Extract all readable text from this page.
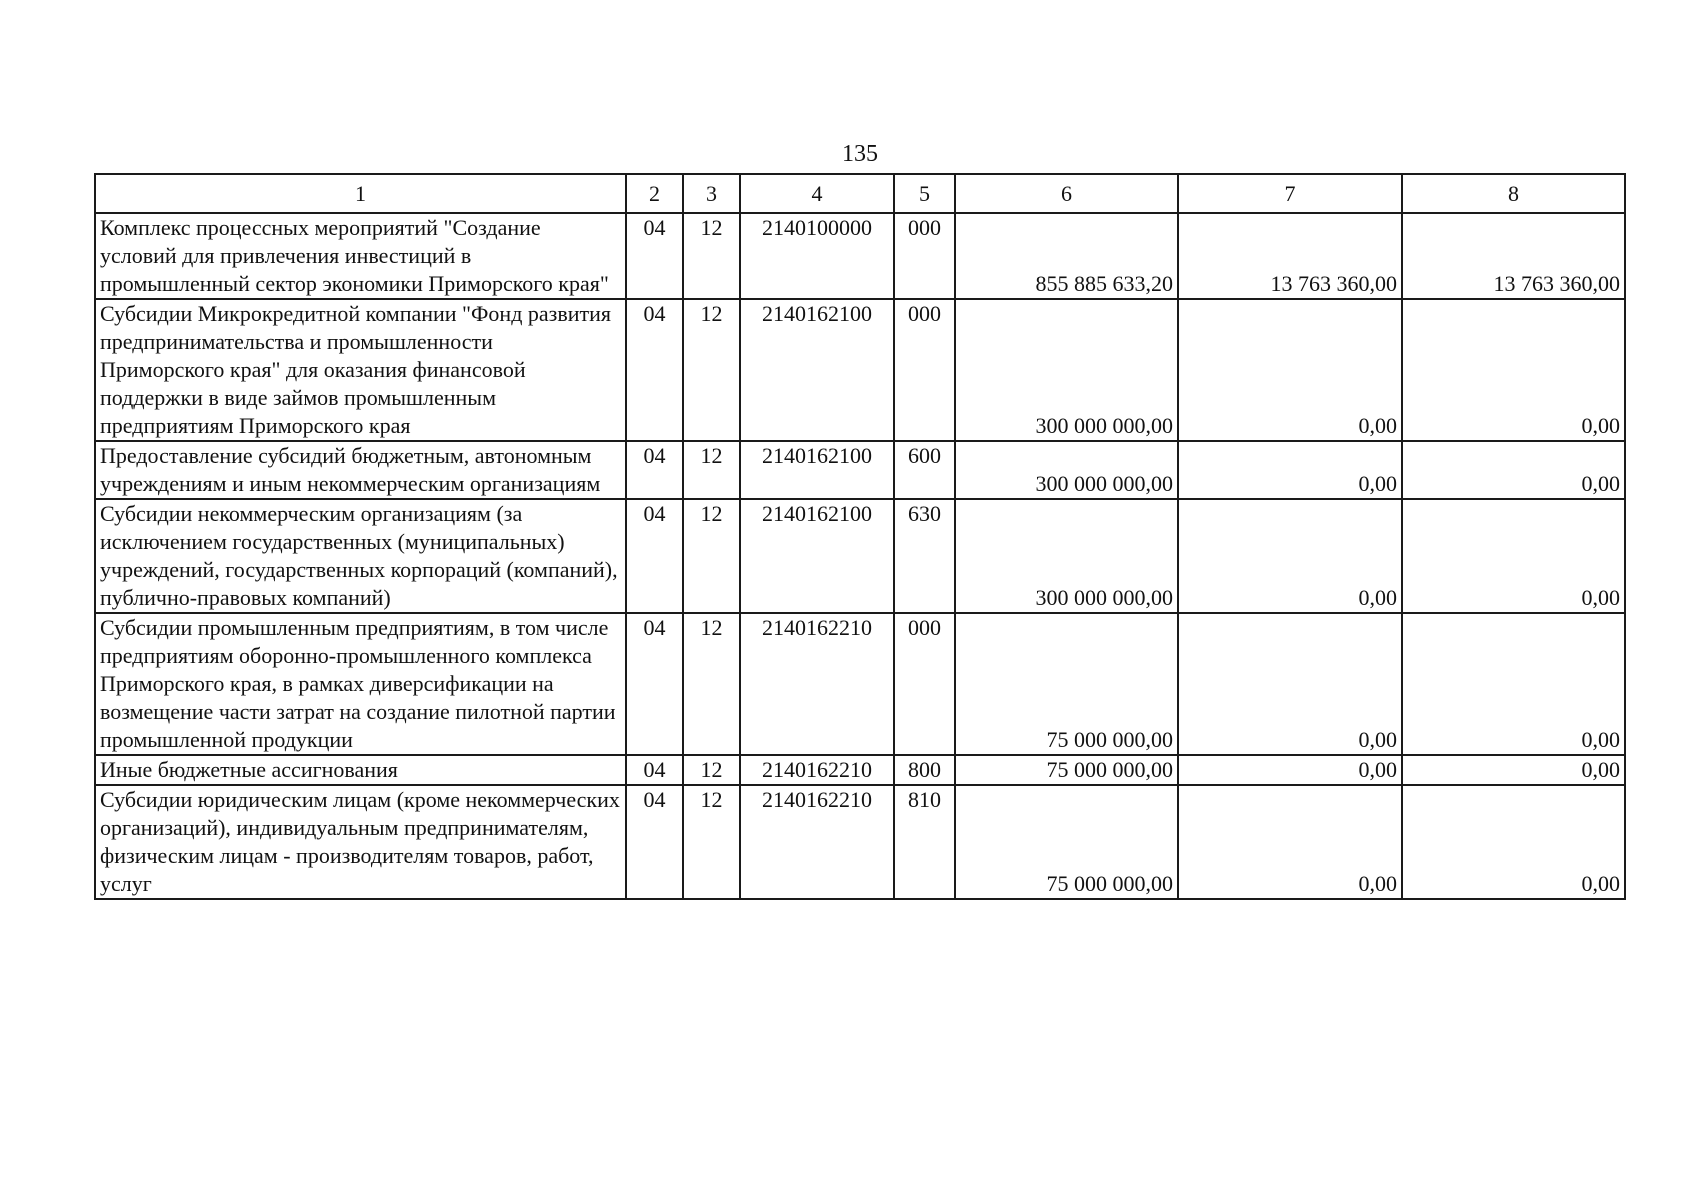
135
1	2	3	4	5	6	7	8
Комплекс процессных мероприятий "Создание условий для привлечения инвестиций в промышленный сектор экономики Приморского края"	04	12	2140100000	000	855 885 633,20	13 763 360,00	13 763 360,00
Субсидии Микрокредитной компании "Фонд развития предпринимательства и промышленности Приморского края" для оказания финансовой поддержки в виде займов промышленным предприятиям Приморского края	04	12	2140162100	000	300 000 000,00	0,00	0,00
Предоставление субсидий бюджетным, автономным учреждениям и иным некоммерческим организациям	04	12	2140162100	600	300 000 000,00	0,00	0,00
Субсидии некоммерческим организациям (за исключением государственных (муниципальных) учреждений, государственных корпораций (компаний), публично-правовых компаний)	04	12	2140162100	630	300 000 000,00	0,00	0,00
Субсидии промышленным предприятиям, в том числе предприятиям оборонно-промышленного комплекса Приморского края, в рамках диверсификации на возмещение части затрат на создание пилотной партии промышленной продукции	04	12	2140162210	000	75 000 000,00	0,00	0,00
Иные бюджетные ассигнования	04	12	2140162210	800	75 000 000,00	0,00	0,00
Субсидии юридическим лицам (кроме некоммерческих организаций), индивидуальным предпринимателям, физическим лицам - производителям товаров, работ, услуг	04	12	2140162210	810	75 000 000,00	0,00	0,00
